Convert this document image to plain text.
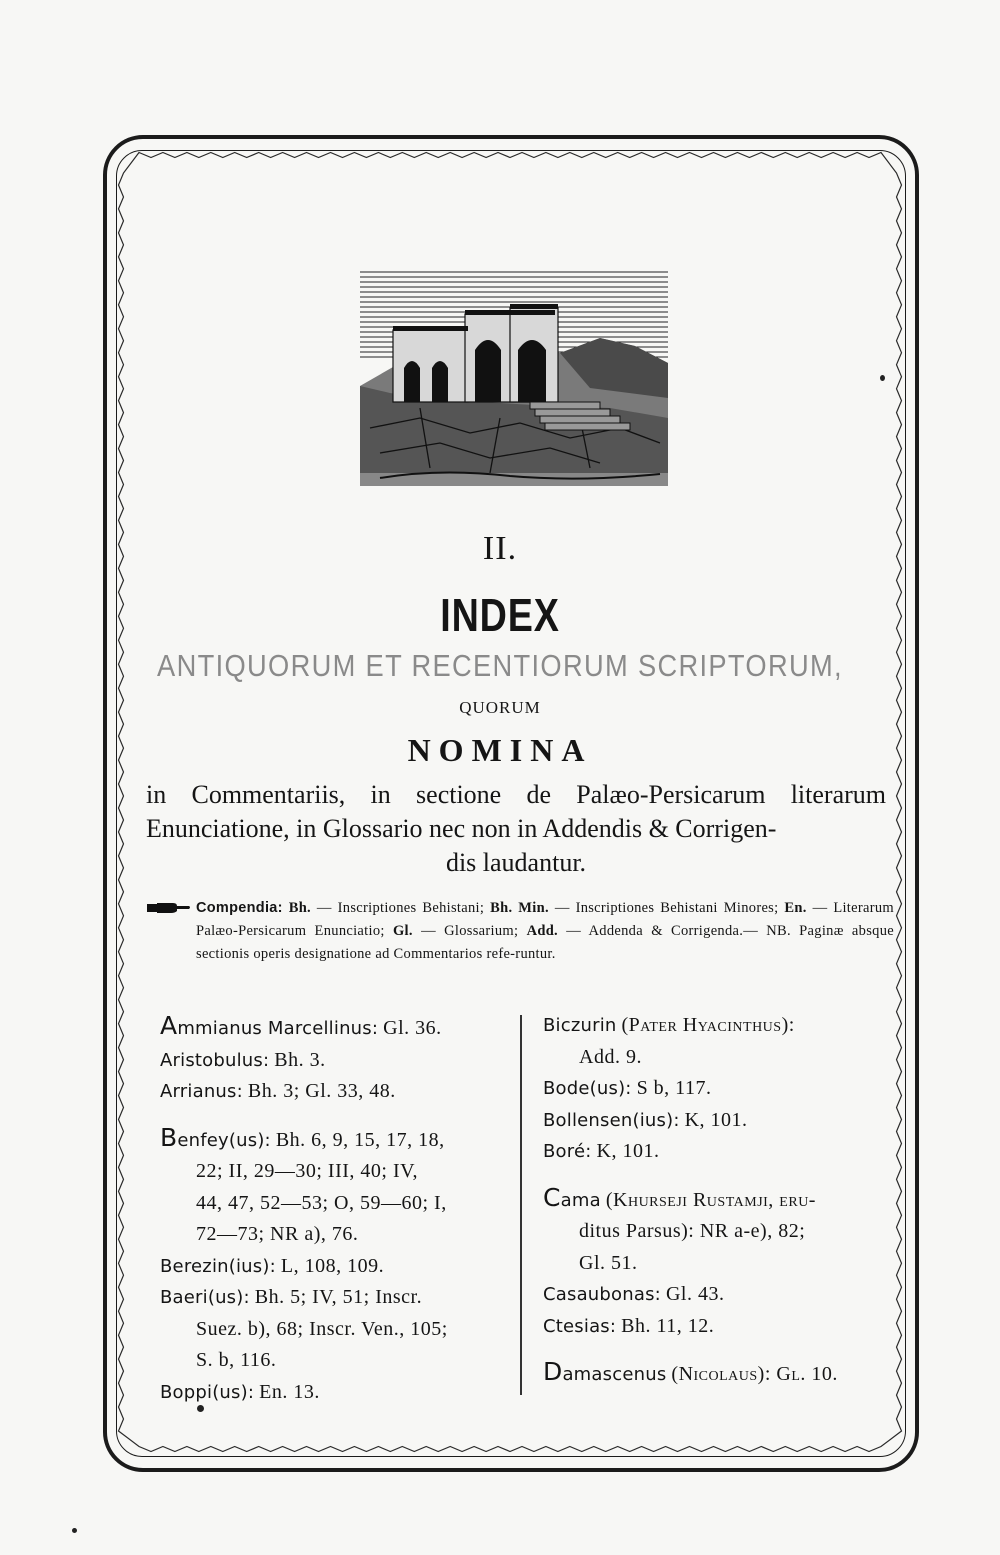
II.
INDEX
ANTIQUORUM ET RECENTIORUM SCRIPTORUM,
QUORUM
NOMINA
in Commentariis, in sectione de Palæo-Persicarum literarum Enunciatione, in Glossario nec non in Addendis & Corrigen-
dis laudantur.
Compendia: Bh. — Inscriptiones Behistani; Bh. Min. — Inscriptiones Behistani Minores; En. — Literarum Palæo-Persicarum Enunciatio; Gl. — Glossarium; Add. — Addenda & Corrigenda.— NB. Paginæ absque sectionis operis designatione ad Commentarios refe-runtur.
Ammianus Marcellinus: Gl. 36.
Aristobulus: Bh. 3.
Arrianus: Bh. 3; Gl. 33, 48.
Benfey(us): Bh. 6, 9, 15, 17, 18,
22; II, 29—30; III, 40; IV,
44, 47, 52—53; O, 59—60; I,
72—73; NR a), 76.
Berezin(ius): L, 108, 109.
Baeri(us): Bh. 5; IV, 51; Inscr.
Suez. b), 68; Inscr. Ven., 105;
S. b, 116.
Boppi(us): En. 13.
Biczurin (Pater Hyacinthus):
Add. 9.
Bode(us): S b, 117.
Bollensen(ius): K, 101.
Boré: K, 101.
Cama (Khurseji Rustamji, eru-
ditus Parsus): NR a-e), 82;
Gl. 51.
Casaubonas: Gl. 43.
Ctesias: Bh. 11, 12.
Damascenus (Nicolaus): Gl. 10.
